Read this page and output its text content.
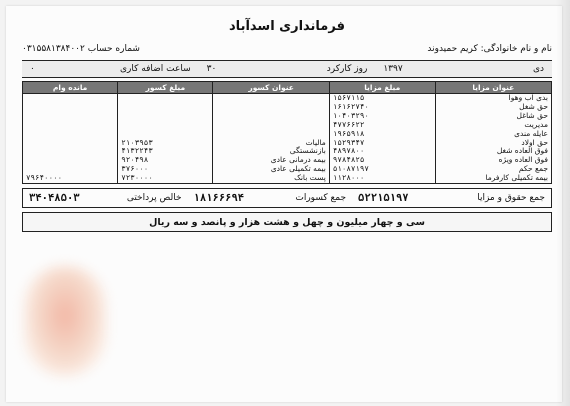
فرمانداری اسدآباد
نام و نام خانوادگی: کریم حمیدوند
شماره حساب ۰۳۱۵۵۸۱۳۸۴۰۰۲
دی
۱۳۹۷
روز کارکرد
۳۰
ساعت اضافه کاری
۰
عنوان مزایا	مبلغ مزایا	عنوان کسور	مبلغ کسور	مانده وام
بدی آب وهوا	۱۵۶۷۱۱۵			
حق شغل	۱۶۱۶۲۷۴۰			
حق شاغل	۱۰۴۰۳۲۹۰			
مدیریت	۴۷۷۶۶۲۲			
عایله مندی	۱۹۶۵۹۱۸			
حق اولاد	۱۵۲۹۳۴۷	مالیات	۲۱۰۳۹۵۳	
فوق العاده شغل	۴۸۹۷۸۰۰	بازنشستگی	۴۱۳۲۲۴۳	
فوق العاده ویژه	۹۷۸۴۸۲۵	بیمه درمانی عادی	۹۲۰۴۹۸	
جمع حکم	۵۱۰۸۷۱۹۷	بیمه تکمیلی عادی	۳۷۶۰۰۰	
بیمه تکمیلی کارفرما	۱۱۲۸۰۰۰	پست بانک	۷۲۳۰۰۰۰	۷۹۶۴۰۰۰۰
جمع حقوق و مزایا
۵۲۲۱۵۱۹۷
جمع کسورات
۱۸۱۶۶۶۹۴
خالص پرداختی
۳۴۰۴۸۵۰۳
سی و چهار میلیون و چهل و هشت هزار و پانصد و سه ریال
